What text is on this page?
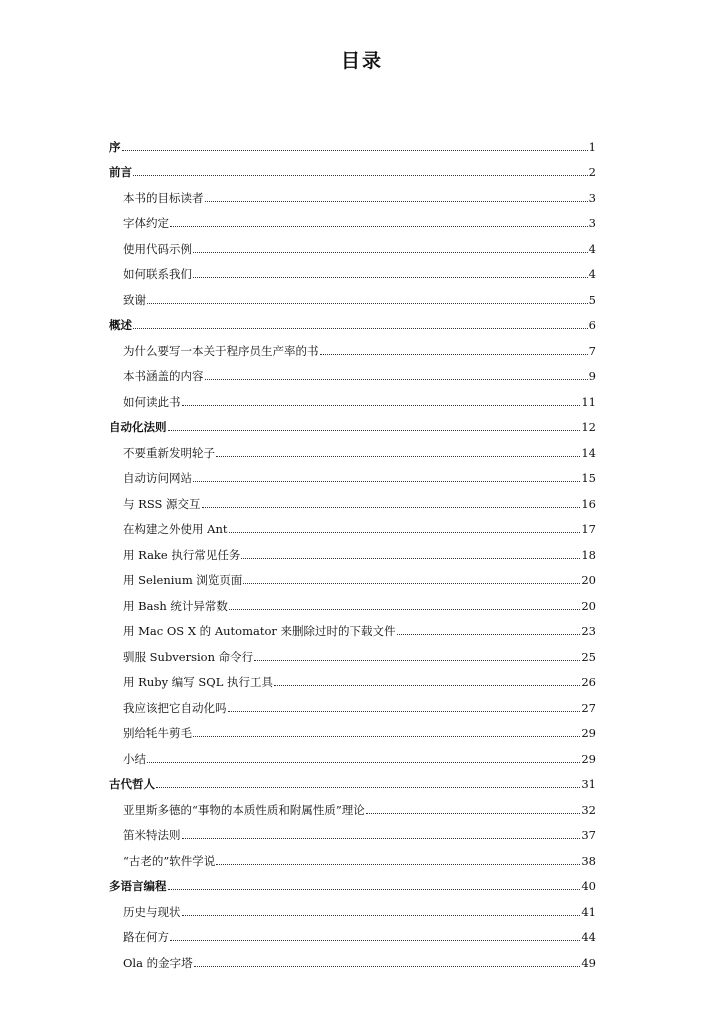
目录
序	1
前言	2
本书的目标读者	3
字体约定	3
使用代码示例	4
如何联系我们	4
致谢	5
概述	6
为什么要写一本关于程序员生产率的书	7
本书涵盖的内容	9
如何读此书	11
自动化法则	12
不要重新发明轮子	14
自动访问网站	15
与 RSS 源交互	16
在构建之外使用 Ant	17
用 Rake 执行常见任务	18
用 Selenium 浏览页面	20
用 Bash 统计异常数	20
用 Mac OS X 的 Automator 来删除过时的下载文件	23
驯服 Subversion 命令行	25
用 Ruby 编写 SQL 执行工具	26
我应该把它自动化吗	27
别给牦牛剪毛	29
小结	29
古代哲人	31
亚里斯多德的“事物的本质性质和附属性质”理论	32
笛米特法则	37
“古老的”软件学说	38
多语言编程	40
历史与现状	41
路在何方	44
Ola 的金字塔	49
